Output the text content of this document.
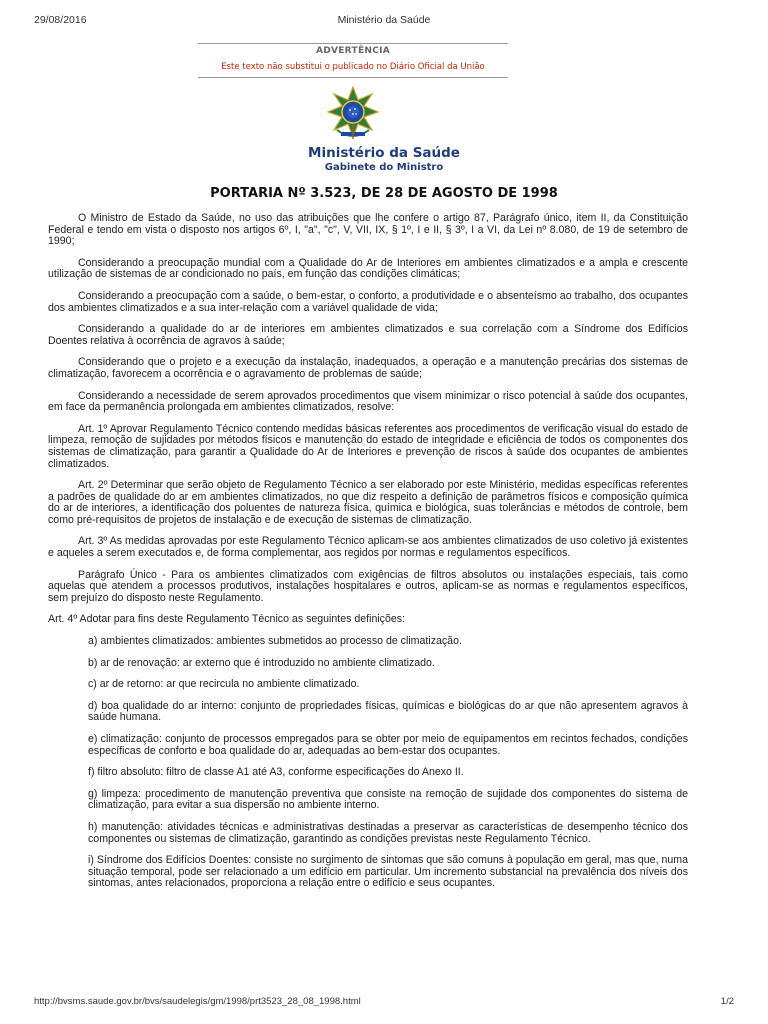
29/08/2016	Ministério da Saúde
ADVERTÊNCIA
Este texto não substitui o publicado no Diário Oficial da União
Ministério da Saúde
Gabinete do Ministro
PORTARIA Nº 3.523, DE 28 DE AGOSTO DE 1998

O Ministro de Estado da Saúde, no uso das atribuições que lhe confere o artigo 87, Parágrafo único, item II, da Constituição Federal e tendo em vista o disposto nos artigos 6º, I, "a", "c", V, VII, IX, § 1º, I e II, § 3º, I a VI, da Lei nº 8.080, de 19 de setembro de 1990;

Considerando a preocupação mundial com a Qualidade do Ar de Interiores em ambientes climatizados e a ampla e crescente utilização de sistemas de ar condicionado no país, em função das condições climáticas;

Considerando a preocupação com a saúde, o bem-estar, o conforto, a produtividade e o absenteísmo ao trabalho, dos ocupantes dos ambientes climatizados e a sua inter-relação com a variável qualidade de vida;

Considerando a qualidade do ar de interiores em ambientes climatizados e sua correlação com a Síndrome dos Edifícios Doentes relativa à ocorrência de agravos à saúde;

Considerando que o projeto e a execução da instalação, inadequados, a operação e a manutenção precárias dos sistemas de climatização, favorecem a ocorrência e o agravamento de problemas de saúde;

Considerando a necessidade de serem aprovados procedimentos que visem minimizar o risco potencial à saúde dos ocupantes, em face da permanência prolongada em ambientes climatizados, resolve:

Art. 1º Aprovar Regulamento Técnico contendo medidas básicas referentes aos procedimentos de verificação visual do estado de limpeza, remoção de sujidades por métodos físicos e manutenção do estado de integridade e eficiência de todos os componentes dos sistemas de climatização, para garantir a Qualidade do Ar de Interiores e prevenção de riscos à saúde dos ocupantes de ambientes climatizados.

Art. 2º Determinar que serão objeto de Regulamento Técnico a ser elaborado por este Ministério, medidas específicas referentes a padrões de qualidade do ar em ambientes climatizados, no que diz respeito a definição de parâmetros físicos e composição química do ar de interiores, a identificação dos poluentes de natureza física, química e biológica, suas tolerâncias e métodos de controle, bem como pré-requisitos de projetos de instalação e de execução de sistemas de climatização.

Art. 3º As medidas aprovadas por este Regulamento Técnico aplicam-se aos ambientes climatizados de uso coletivo já existentes e aqueles a serem executados e, de forma complementar, aos regidos por normas e regulamentos específicos.

Parágrafo Único - Para os ambientes climatizados com exigências de filtros absolutos ou instalações especiais, tais como aquelas que atendem a processos produtivos, instalações hospitalares e outros, aplicam-se as normas e regulamentos específicos, sem prejuízo do disposto neste Regulamento.

Art. 4º Adotar para fins deste Regulamento Técnico as seguintes definições:

a) ambientes climatizados: ambientes submetidos ao processo de climatização.

b) ar de renovação: ar externo que é introduzido no ambiente climatizado.

c) ar de retorno: ar que recircula no ambiente climatizado.

d) boa qualidade do ar interno: conjunto de propriedades físicas, químicas e biológicas do ar que não apresentem agravos à saúde humana.

e) climatização: conjunto de processos empregados para se obter por meio de equipamentos em recintos fechados, condições específicas de conforto e boa qualidade do ar, adequadas ao bem-estar dos ocupantes.

f) filtro absoluto: filtro de classe A1 até A3, conforme especificações do Anexo II.

g) limpeza: procedimento de manutenção preventiva que consiste na remoção de sujidade dos componentes do sistema de climatização, para evitar a sua dispersão no ambiente interno.

h) manutenção: atividades técnicas e administrativas destinadas a preservar as características de desempenho técnico dos componentes ou sistemas de climatização, garantindo as condições previstas neste Regulamento Técnico.

i) Síndrome dos Edifícios Doentes: consiste no surgimento de sintomas que são comuns à população em geral, mas que, numa situação temporal, pode ser relacionado a um edifício em particular. Um incremento substancial na prevalência dos níveis dos sintomas, antes relacionados, proporciona a relação entre o edifício e seus ocupantes.

http://bvsms.saude.gov.br/bvs/saudelegis/gm/1998/prt3523_28_08_1998.html	1/2
